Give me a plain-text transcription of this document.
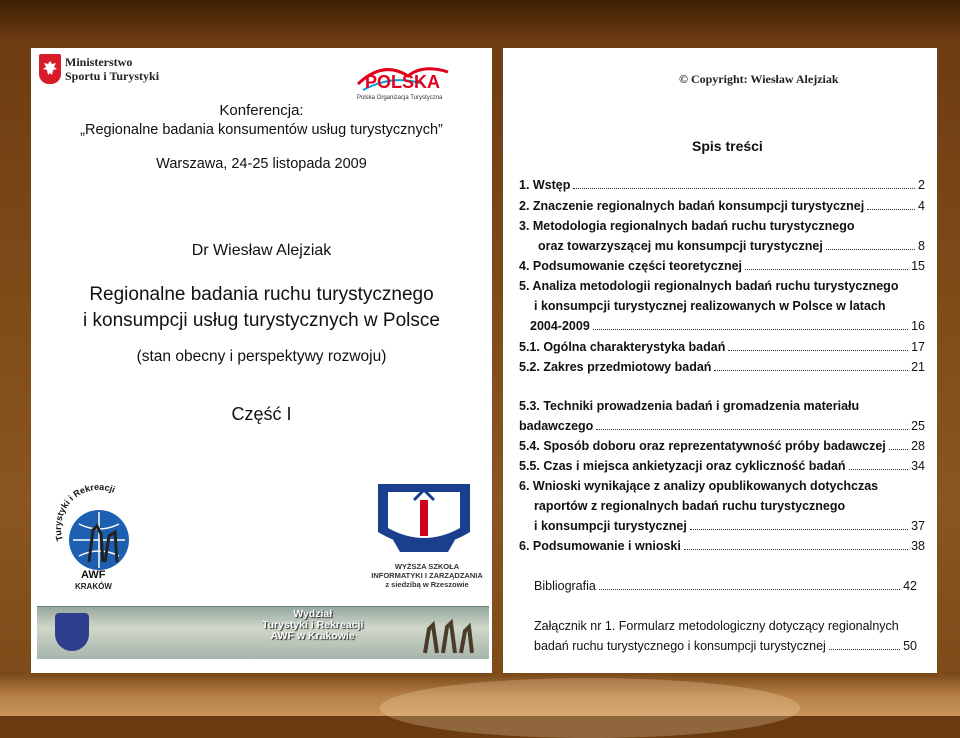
Ministerstwo
Sportu i Turystyki	POLSKA
Polska Organizacja Turystyczna
Konferencja:
„Regionalne badania konsumentów usług turystycznych”
Warszawa, 24-25 listopada 2009
Dr Wiesław Alejziak
Regionalne badania ruchu turystycznego
i konsumpcji usług turystycznych w Polsce
(stan obecny i perspektywy rozwoju)
Część I
Turystyki i Rekreacji
AWF
KRAKÓW
WYŻSZA SZKOŁA
INFORMATYKI I ZARZĄDZANIA
z siedzibą w Rzeszowie
Wydział
Turystyki i Rekreacji
AWF w Krakowie
© Copyright: Wiesław Alejziak
Spis treści
1. Wstęp	2
2. Znaczenie regionalnych badań konsumpcji turystycznej	4
3. Metodologia regionalnych badań ruchu turystycznego
oraz towarzyszącej mu konsumpcji turystycznej	8
4. Podsumowanie części teoretycznej	15
5. Analiza metodologii regionalnych badań ruchu turystycznego
i konsumpcji turystycznej realizowanych w Polsce w latach
2004-2009	16
5.1. Ogólna charakterystyka badań	17
5.2. Zakres przedmiotowy badań	21
5.3. Techniki prowadzenia badań i gromadzenia materiału
badawczego	25
5.4. Sposób doboru oraz reprezentatywność próby badawczej 28
5.5. Czas i miejsca ankietyzacji oraz cykliczność badań	34
6. Wnioski wynikające z analizy opublikowanych dotychczas
raportów z regionalnych badań ruchu turystycznego
i konsumpcji turystycznej	37
6. Podsumowanie i wnioski	38
Bibliografia	42
Załącznik nr 1. Formularz metodologiczny dotyczący regionalnych
badań ruchu turystycznego i konsumpcji turystycznej	50
